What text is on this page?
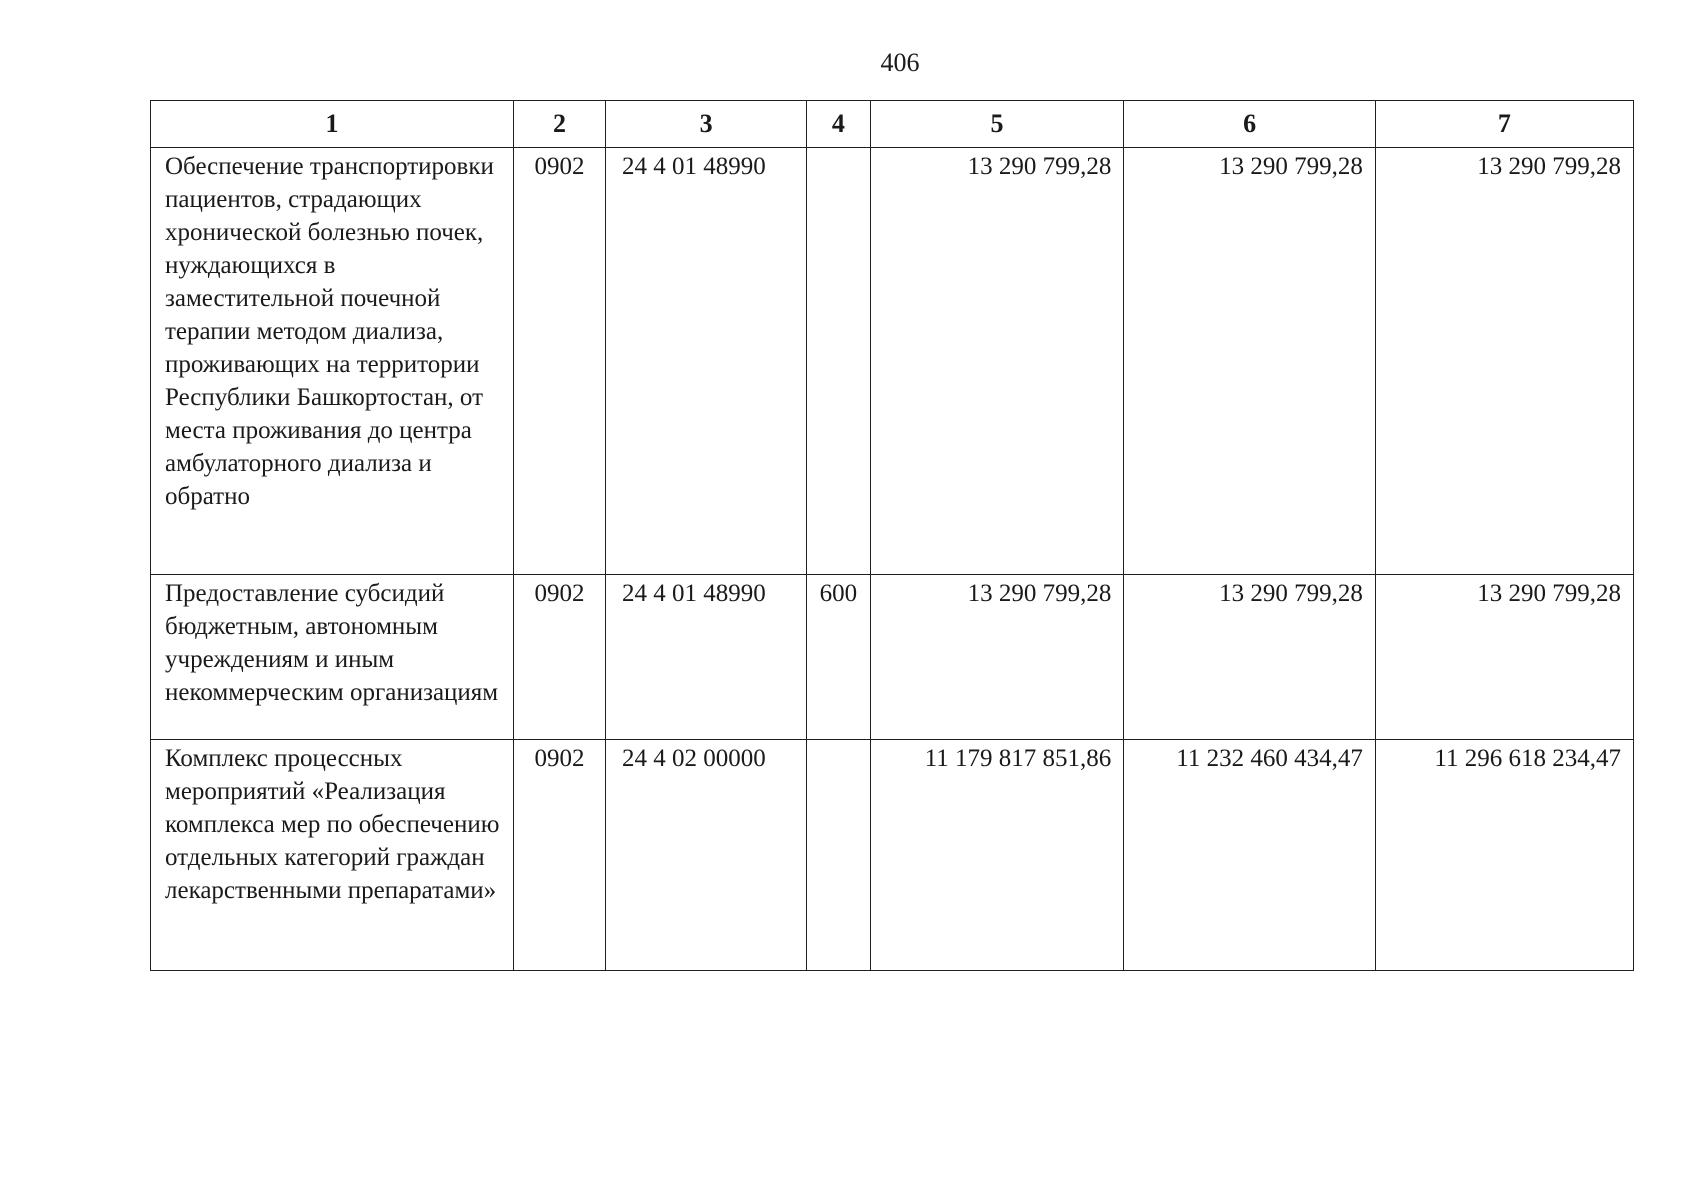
406
1	2	3	4	5	6	7
Обеспечение транспортировки пациентов, страдающих хронической болезнью почек, нуждающихся в заместительной почечной терапии методом диализа, проживающих на территории Республики Башкортостан, от места проживания до центра амбулаторного диализа и обратно	0902	24 4 01 48990		13 290 799,28	13 290 799,28	13 290 799,28
Предоставление субсидий бюджетным, автономным учреждениям и иным некоммерческим организациям	0902	24 4 01 48990	600	13 290 799,28	13 290 799,28	13 290 799,28
Комплекс процессных мероприятий «Реализация комплекса мер по обеспечению отдельных категорий граждан лекарственными препаратами»	0902	24 4 02 00000		11 179 817 851,86	11 232 460 434,47	11 296 618 234,47
